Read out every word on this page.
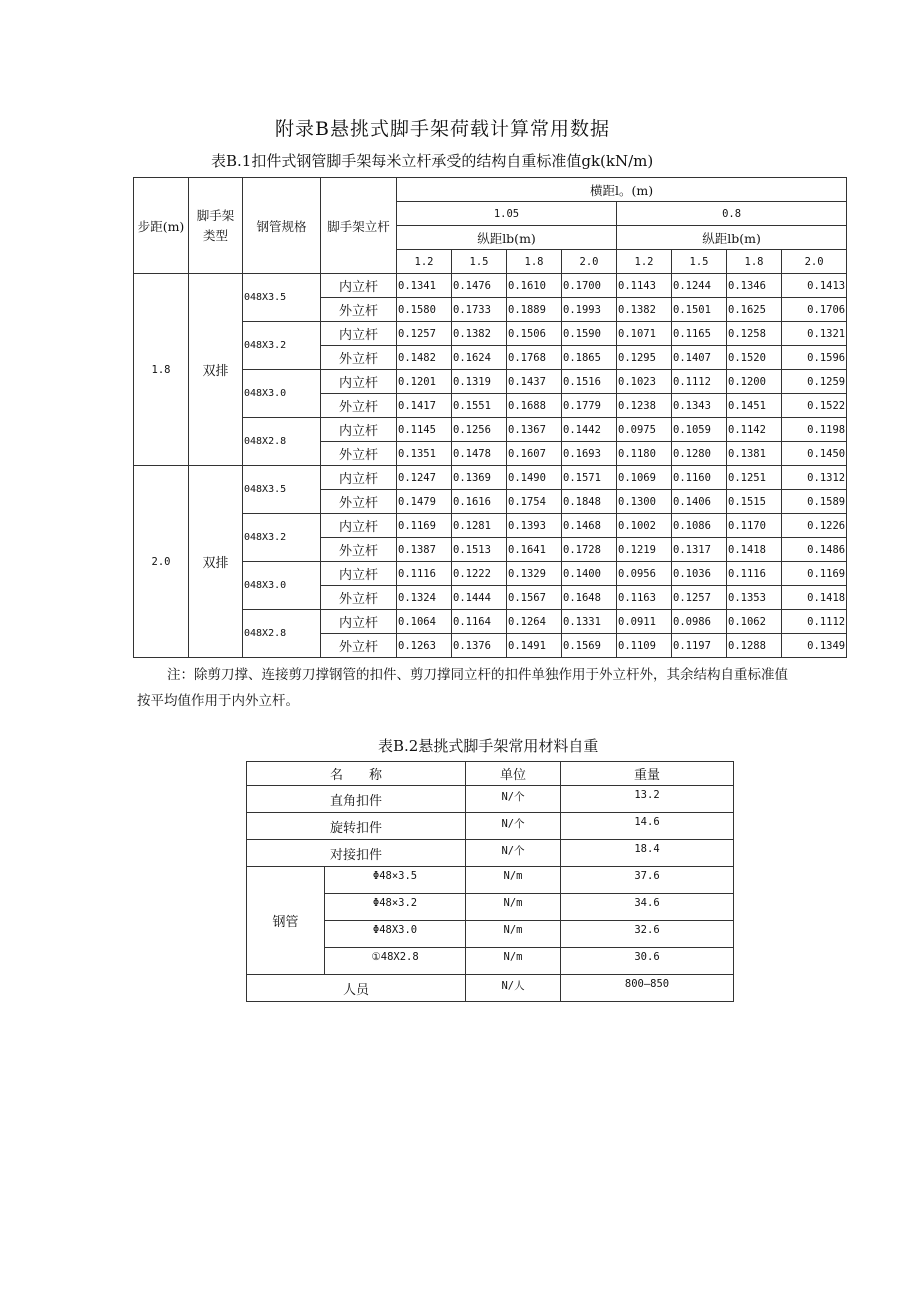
附录B悬挑式脚手架荷载计算常用数据
表B.1扣件式钢管脚手架每米立杆承受的结构自重标准值gk(kN/m)
步距(m)	脚手架类型	钢管规格	脚手架立杆	横距l。(m)							
				1.05				0.8			
				纵距lb(m)				纵距lb(m)			
				1.2	1.5	1.8	2.0	1.2	1.5	1.8	2.0
1.8	双排	048X3.5	内立杆	0.1341	0.1476	0.1610	0.1700	0.1143	0.1244	0.1346	0.1413
			外立杆	0.1580	0.1733	0.1889	0.1993	0.1382	0.1501	0.1625	0.1706
		048X3.2	内立杆	0.1257	0.1382	0.1506	0.1590	0.1071	0.1165	0.1258	0.1321
			外立杆	0.1482	0.1624	0.1768	0.1865	0.1295	0.1407	0.1520	0.1596
		048X3.0	内立杆	0.1201	0.1319	0.1437	0.1516	0.1023	0.1112	0.1200	0.1259
			外立杆	0.1417	0.1551	0.1688	0.1779	0.1238	0.1343	0.1451	0.1522
		048X2.8	内立杆	0.1145	0.1256	0.1367	0.1442	0.0975	0.1059	0.1142	0.1198
			外立杆	0.1351	0.1478	0.1607	0.1693	0.1180	0.1280	0.1381	0.1450
2.0	双排	048X3.5	内立杆	0.1247	0.1369	0.1490	0.1571	0.1069	0.1160	0.1251	0.1312
			外立杆	0.1479	0.1616	0.1754	0.1848	0.1300	0.1406	0.1515	0.1589
		048X3.2	内立杆	0.1169	0.1281	0.1393	0.1468	0.1002	0.1086	0.1170	0.1226
			外立杆	0.1387	0.1513	0.1641	0.1728	0.1219	0.1317	0.1418	0.1486
		048X3.0	内立杆	0.1116	0.1222	0.1329	0.1400	0.0956	0.1036	0.1116	0.1169
			外立杆	0.1324	0.1444	0.1567	0.1648	0.1163	0.1257	0.1353	0.1418
		048X2.8	内立杆	0.1064	0.1164	0.1264	0.1331	0.0911	0.0986	0.1062	0.1112
			外立杆	0.1263	0.1376	0.1491	0.1569	0.1109	0.1197	0.1288	0.1349
注：除剪刀撑、连接剪刀撑钢管的扣件、剪刀撑同立杆的扣件单独作用于外立杆外，其余结构自重标准值
按平均值作用于内外立杆。
表B.2悬挑式脚手架常用材料自重
名　　称		单位	重量
直角扣件		N/个	13.2
旋转扣件		N/个	14.6
对接扣件		N/个	18.4
钢管	Φ48×3.5	N/m	37.6
	Φ48×3.2	N/m	34.6
	Φ48X3.0	N/m	32.6
	①48X2.8	N/m	30.6
人员		N/人	800—850
